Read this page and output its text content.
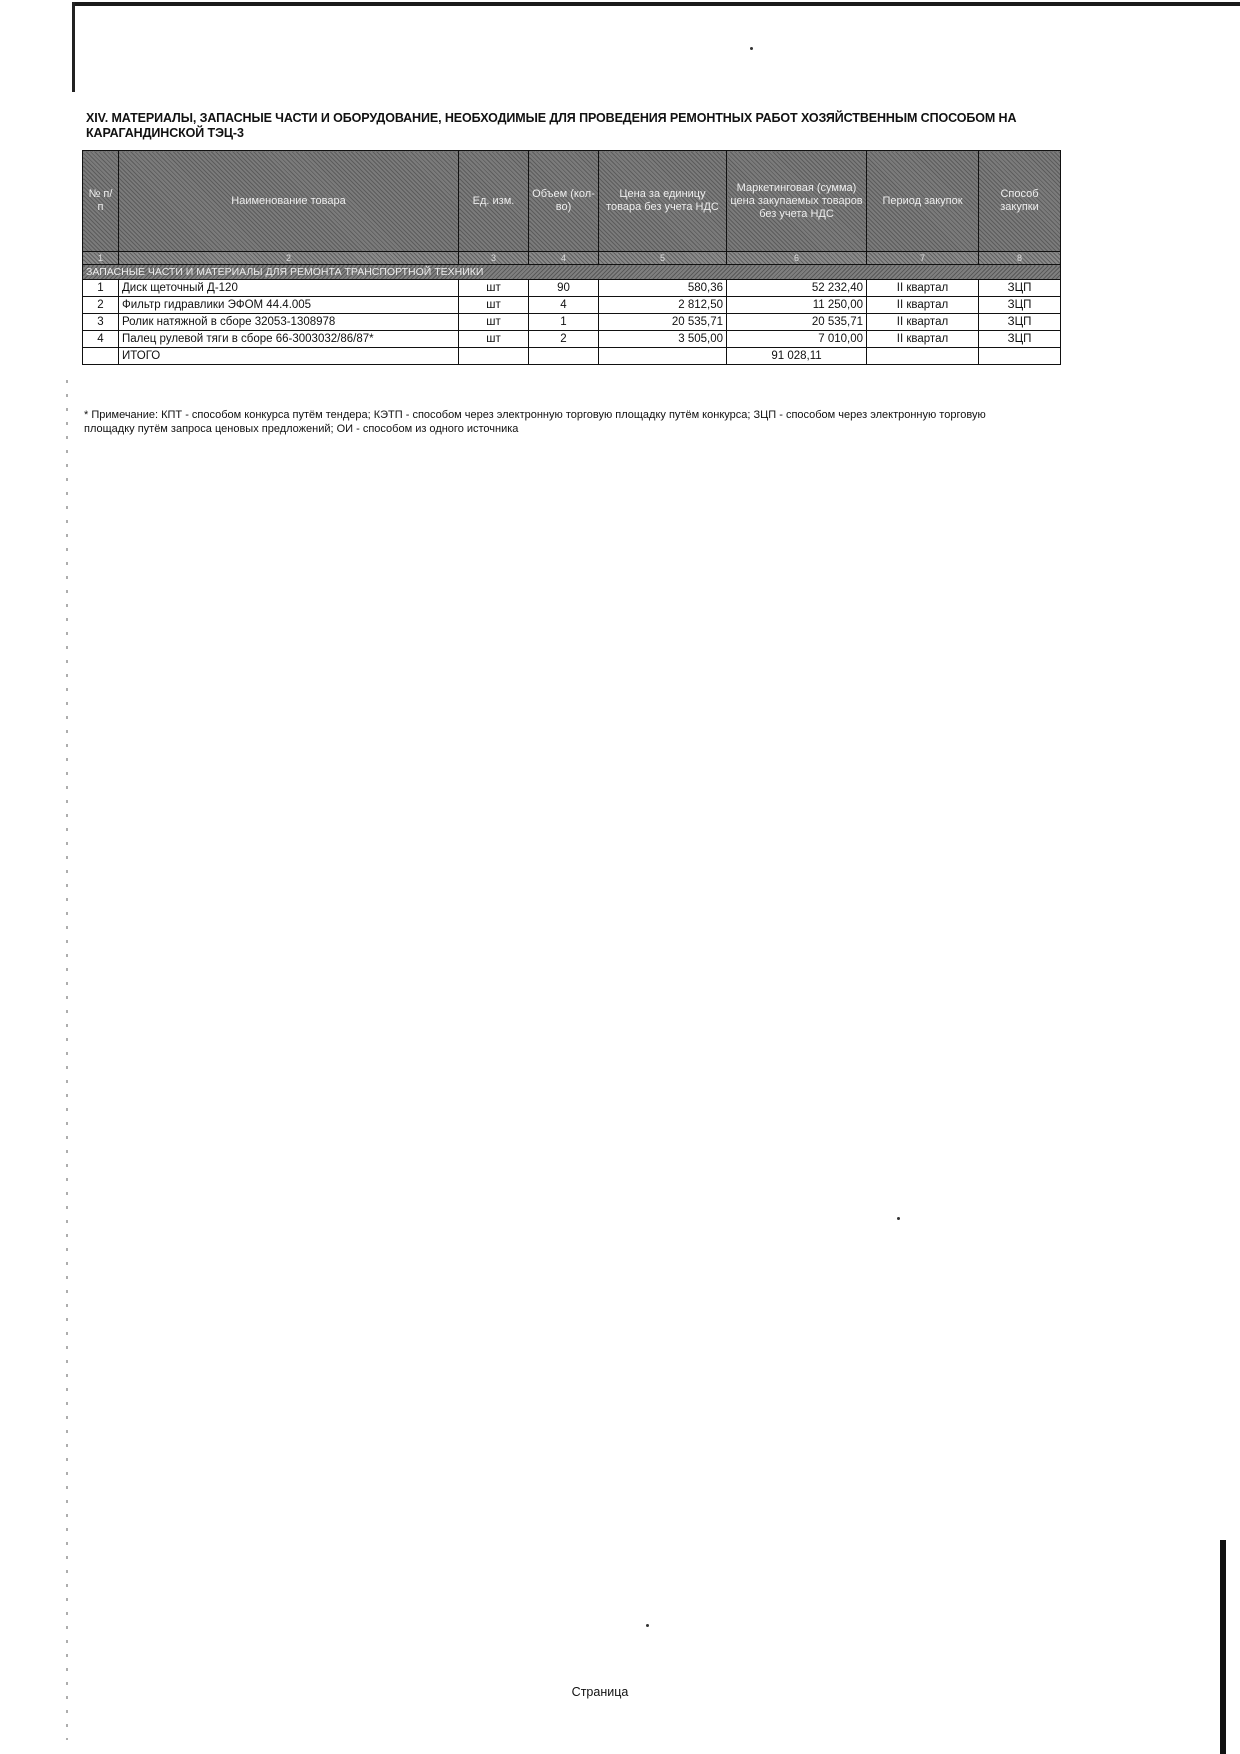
XIV. МАТЕРИАЛЫ, ЗАПАСНЫЕ ЧАСТИ И ОБОРУДОВАНИЕ, НЕОБХОДИМЫЕ ДЛЯ ПРОВЕДЕНИЯ РЕМОНТНЫХ РАБОТ ХОЗЯЙСТВЕННЫМ СПОСОБОМ НА КАРАГАНДИНСКОЙ ТЭЦ-3
№ п/п	Наименование товара	Ед. изм.	Объем (кол-во)	Цена за единицу товара без учета НДС	Маркетинговая (сумма) цена закупаемых товаров без учета НДС	Период закупок	Способ закупки
1	2	3	4	5	6	7	8
ЗАПАСНЫЕ ЧАСТИ И МАТЕРИАЛЫ ДЛЯ РЕМОНТА ТРАНСПОРТНОЙ ТЕХНИКИ							
1	Диск щеточный Д-120	шт	90	580,36	52 232,40	II квартал	ЗЦП
2	Фильтр гидравлики ЭФОМ 44.4.005	шт	4	2 812,50	11 250,00	II квартал	ЗЦП
3	Ролик натяжной в сборе 32053-1308978	шт	1	20 535,71	20 535,71	II квартал	ЗЦП
4	Палец рулевой тяги в сборе 66-3003032/86/87*	шт	2	3 505,00	7 010,00	II квартал	ЗЦП
	ИТОГО				91 028,11		
* Примечание: КПТ - способом конкурса путём тендера; КЭТП - способом через электронную торговую площадку путём конкурса; ЗЦП - способом через электронную торговую площадку путём запроса ценовых предложений; ОИ - способом из одного источника
Страница
